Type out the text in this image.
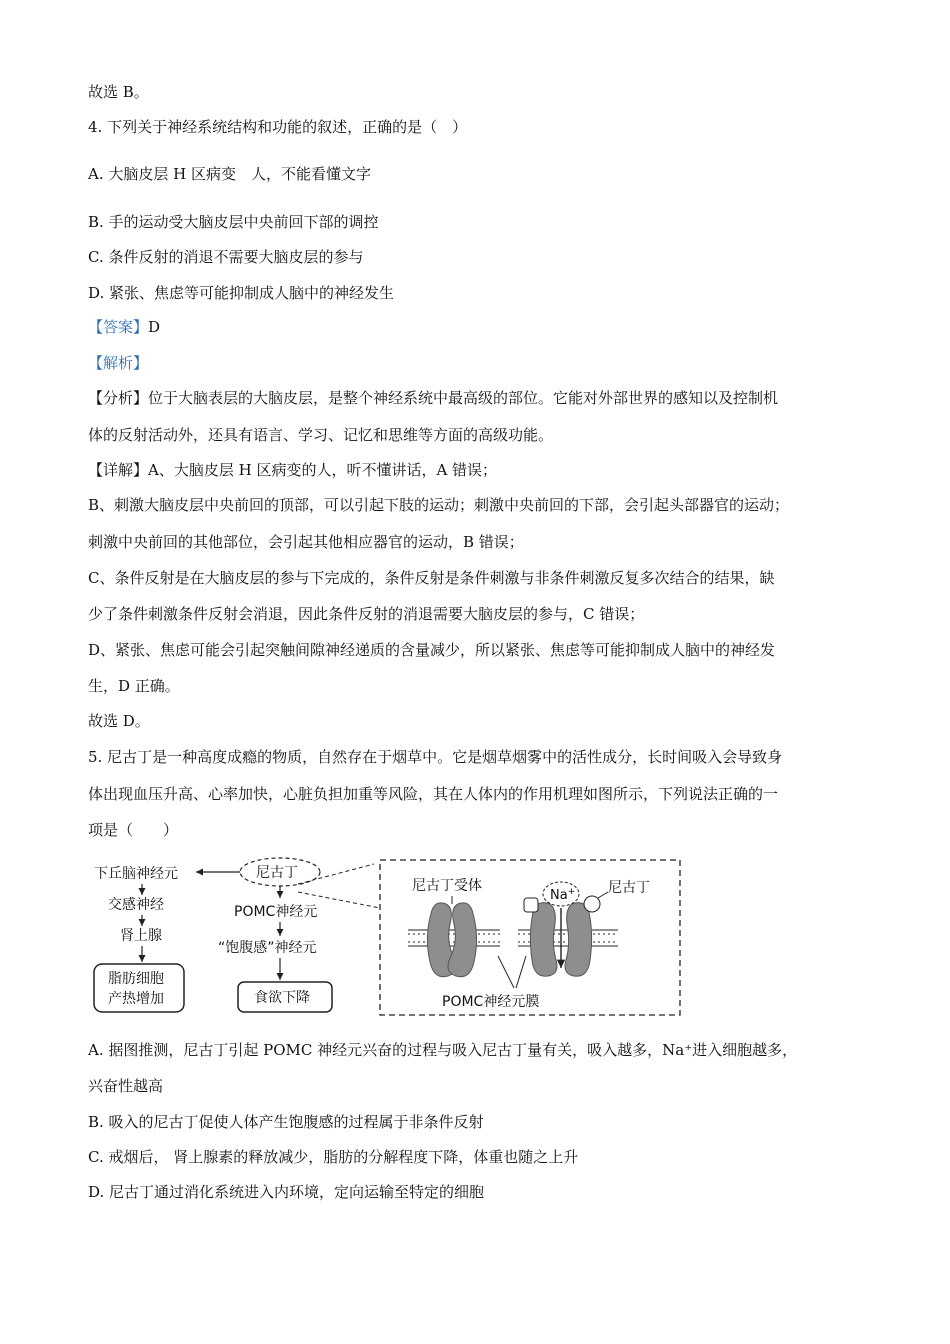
故选 B。
4. 下列关于神经系统结构和功能的叙述，正确的是（　）
A. 大脑皮层 H 区病变　人，不能看懂文字
B. 手的运动受大脑皮层中央前回下部的调控
C. 条件反射的消退不需要大脑皮层的参与
D. 紧张、焦虑等可能抑制成人脑中的神经发生
【答案】D
【解析】
【分析】位于大脑表层的大脑皮层，是整个神经系统中最高级的部位。它能对外部世界的感知以及控制机
体的反射活动外，还具有语言、学习、记忆和思维等方面的高级功能。
【详解】A、大脑皮层 H 区病变的人，听不懂讲话，A 错误；
B、刺激大脑皮层中央前回的顶部，可以引起下肢的运动；刺激中央前回的下部，会引起头部器官的运动；
刺激中央前回的其他部位，会引起其他相应器官的运动，B 错误；
C、条件反射是在大脑皮层的参与下完成的，条件反射是条件刺激与非条件刺激反复多次结合的结果，缺
少了条件刺激条件反射会消退，因此条件反射的消退需要大脑皮层的参与，C 错误；
D、紧张、焦虑可能会引起突触间隙神经递质的含量减少，所以紧张、焦虑等可能抑制成人脑中的神经发
生，D 正确。
故选 D。
5. 尼古丁是一种高度成瘾的物质，自然存在于烟草中。它是烟草烟雾中的活性成分，长时间吸入会导致身
体出现血压升高、心率加快，心脏负担加重等风险，其在人体内的作用机理如图所示，下列说法正确的一
项是（　　）
下丘脑神经元
交感神经
肾上腺
脂肪细胞
产热增加
尼古丁
POMC神经元
“饱腹感”神经元
食欲下降
Na+
尼古丁受体	尼古丁
POMC神经元膜
A. 据图推测，尼古丁引起 POMC 神经元兴奋的过程与吸入尼古丁量有关，吸入越多，Na⁺进入细胞越多，
兴奋性越高
B. 吸入的尼古丁促使人体产生饱腹感的过程属于非条件反射
C. 戒烟后， 肾上腺素的释放减少，脂肪的分解程度下降，体重也随之上升
D. 尼古丁通过消化系统进入内环境，定向运输至特定的细胞
